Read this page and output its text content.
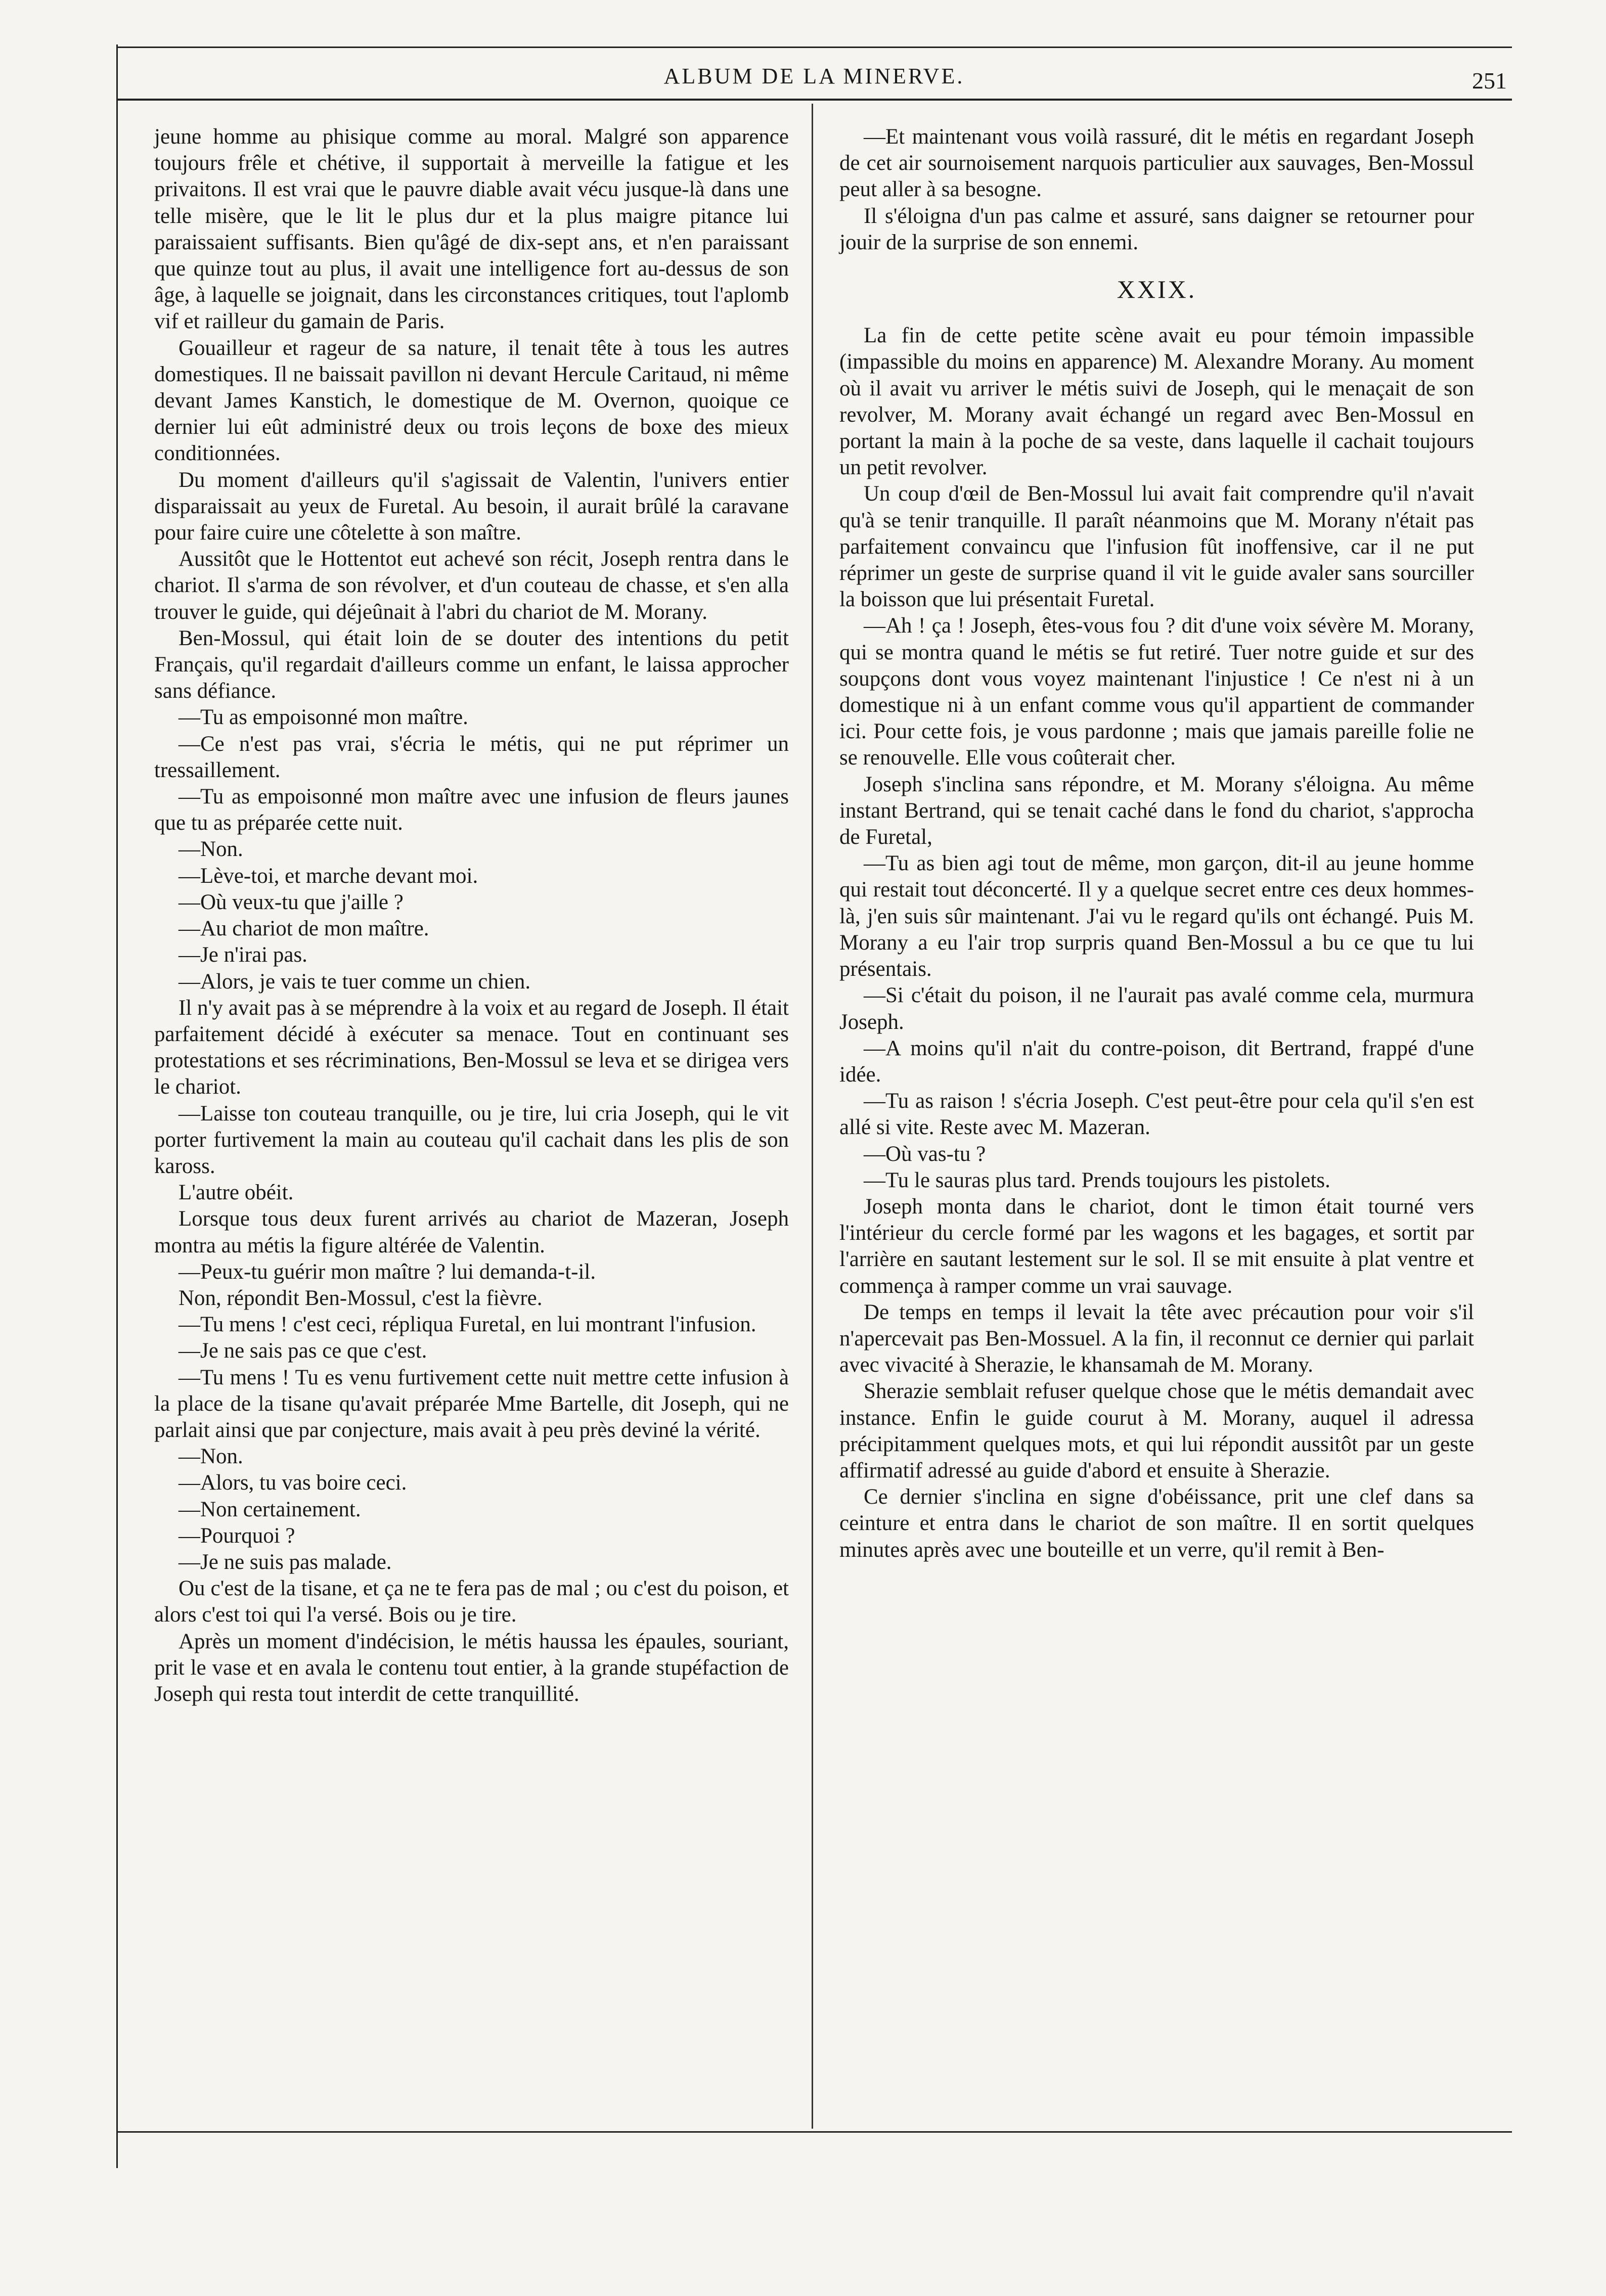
ALBUM DE LA MINERVE.	251

jeune homme au phisique comme au moral. Malgré son apparence toujours frêle et chétive, il supportait à merveille la fatigue et les privaitons. Il est vrai que le pauvre diable avait vécu jusque-là dans une telle misère, que le lit le plus dur et la plus maigre pitance lui paraissaient suffisants. Bien qu'âgé de dix-sept ans, et n'en paraissant que quinze tout au plus, il avait une intelligence fort au-dessus de son âge, à laquelle se joignait, dans les circonstances critiques, tout l'aplomb vif et railleur du gamain de Paris.

Gouailleur et rageur de sa nature, il tenait tête à tous les autres domestiques. Il ne baissait pavillon ni devant Hercule Caritaud, ni même devant James Kanstich, le domestique de M. Overnon, quoique ce dernier lui eût administré deux ou trois leçons de boxe des mieux conditionnées.

Du moment d'ailleurs qu'il s'agissait de Valentin, l'univers entier disparaissait au yeux de Furetal. Au besoin, il aurait brûlé la caravane pour faire cuire une côtelette à son maître.

Aussitôt que le Hottentot eut achevé son récit, Joseph rentra dans le chariot. Il s'arma de son révolver, et d'un couteau de chasse, et s'en alla trouver le guide, qui déjeûnait à l'abri du chariot de M. Morany.

Ben-Mossul, qui était loin de se douter des intentions du petit Français, qu'il regardait d'ailleurs comme un enfant, le laissa approcher sans défiance.

—Tu as empoisonné mon maître.

—Ce n'est pas vrai, s'écria le métis, qui ne put réprimer un tressaillement.

—Tu as empoisonné mon maître avec une infusion de fleurs jaunes que tu as préparée cette nuit.

—Non.

—Lève-toi, et marche devant moi.

—Où veux-tu que j'aille ?

—Au chariot de mon maître.

—Je n'irai pas.

—Alors, je vais te tuer comme un chien.

Il n'y avait pas à se méprendre à la voix et au regard de Joseph. Il était parfaitement décidé à exécuter sa menace. Tout en continuant ses protestations et ses récriminations, Ben-Mossul se leva et se dirigea vers le chariot.

—Laisse ton couteau tranquille, ou je tire, lui cria Joseph, qui le vit porter furtivement la main au couteau qu'il cachait dans les plis de son kaross.

L'autre obéit.

Lorsque tous deux furent arrivés au chariot de Mazeran, Joseph montra au métis la figure altérée de Valentin.

—Peux-tu guérir mon maître ? lui demanda-t-il.

Non, répondit Ben-Mossul, c'est la fièvre.

—Tu mens ! c'est ceci, répliqua Furetal, en lui montrant l'infusion.

—Je ne sais pas ce que c'est.

—Tu mens ! Tu es venu furtivement cette nuit mettre cette infusion à la place de la tisane qu'avait préparée Mme Bartelle, dit Joseph, qui ne parlait ainsi que par conjecture, mais avait à peu près deviné la vérité.

—Non.

—Alors, tu vas boire ceci.

—Non certainement.

—Pourquoi ?

—Je ne suis pas malade.

Ou c'est de la tisane, et ça ne te fera pas de mal ; ou c'est du poison, et alors c'est toi qui l'a versé. Bois ou je tire.

Après un moment d'indécision, le métis haussa les épaules, souriant, prit le vase et en avala le contenu tout entier, à la grande stupéfaction de Joseph qui resta tout interdit de cette tranquillité.

—Et maintenant vous voilà rassuré, dit le métis en regardant Joseph de cet air sournoisement narquois particulier aux sauvages, Ben-Mossul peut aller à sa besogne.

Il s'éloigna d'un pas calme et assuré, sans daigner se retourner pour jouir de la surprise de son ennemi.

XXIX.

La fin de cette petite scène avait eu pour témoin impassible (impassible du moins en apparence) M. Alexandre Morany. Au moment où il avait vu arriver le métis suivi de Joseph, qui le menaçait de son revolver, M. Morany avait échangé un regard avec Ben-Mossul en portant la main à la poche de sa veste, dans laquelle il cachait toujours un petit revolver.

Un coup d'œil de Ben-Mossul lui avait fait comprendre qu'il n'avait qu'à se tenir tranquille. Il paraît néanmoins que M. Morany n'était pas parfaitement convaincu que l'infusion fût inoffensive, car il ne put réprimer un geste de surprise quand il vit le guide avaler sans sourciller la boisson que lui présentait Furetal.

—Ah ! ça ! Joseph, êtes-vous fou ? dit d'une voix sévère M. Morany, qui se montra quand le métis se fut retiré. Tuer notre guide et sur des soupçons dont vous voyez maintenant l'injustice ! Ce n'est ni à un domestique ni à un enfant comme vous qu'il appartient de commander ici. Pour cette fois, je vous pardonne ; mais que jamais pareille folie ne se renouvelle. Elle vous coûterait cher.

Joseph s'inclina sans répondre, et M. Morany s'éloigna. Au même instant Bertrand, qui se tenait caché dans le fond du chariot, s'approcha de Furetal,

—Tu as bien agi tout de même, mon garçon, dit-il au jeune homme qui restait tout déconcerté. Il y a quelque secret entre ces deux hommes-là, j'en suis sûr maintenant. J'ai vu le regard qu'ils ont échangé. Puis M. Morany a eu l'air trop surpris quand Ben-Mossul a bu ce que tu lui présentais.

—Si c'était du poison, il ne l'aurait pas avalé comme cela, murmura Joseph.

—A moins qu'il n'ait du contre-poison, dit Bertrand, frappé d'une idée.

—Tu as raison ! s'écria Joseph. C'est peut-être pour cela qu'il s'en est allé si vite. Reste avec M. Mazeran.

—Où vas-tu ?

—Tu le sauras plus tard. Prends toujours les pistolets.

Joseph monta dans le chariot, dont le timon était tourné vers l'intérieur du cercle formé par les wagons et les bagages, et sortit par l'arrière en sautant lestement sur le sol. Il se mit ensuite à plat ventre et commença à ramper comme un vrai sauvage.

De temps en temps il levait la tête avec précaution pour voir s'il n'apercevait pas Ben-Mossuel. A la fin, il reconnut ce dernier qui parlait avec vivacité à Sherazie, le khansamah de M. Morany.

Sherazie semblait refuser quelque chose que le métis demandait avec instance. Enfin le guide courut à M. Morany, auquel il adressa précipitamment quelques mots, et qui lui répondit aussitôt par un geste affirmatif adressé au guide d'abord et ensuite à Sherazie.

Ce dernier s'inclina en signe d'obéissance, prit une clef dans sa ceinture et entra dans le chariot de son maître. Il en sortit quelques minutes après avec une bouteille et un verre, qu'il remit à Ben-
